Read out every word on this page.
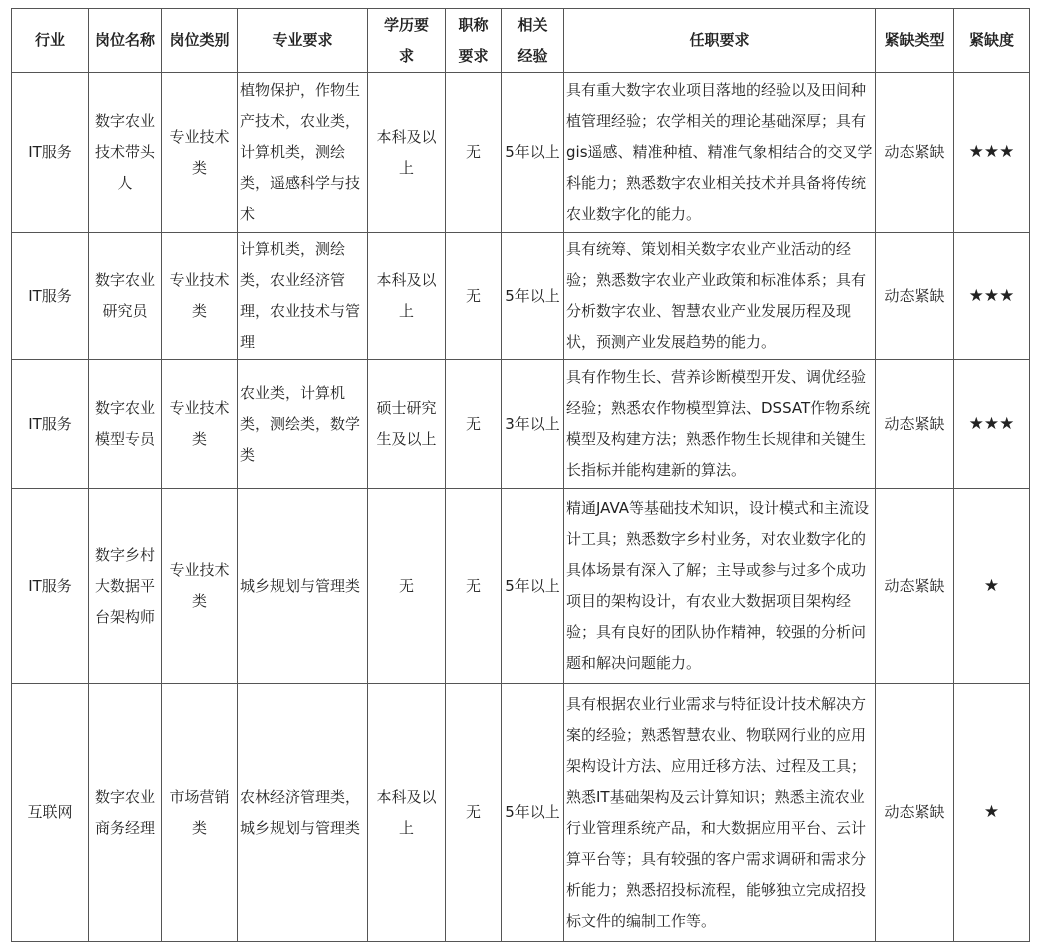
行业	岗位名称	岗位类别	专业要求	学历要求	职称要求	相关经验	任职要求	紧缺类型	紧缺度
IT服务	数字农业技术带头人	专业技术类	植物保护，作物生产技术，农业类，计算机类，测绘类，遥感科学与技术	本科及以上	无	5年以上	具有重大数字农业项目落地的经验以及田间种植管理经验；农学相关的理论基础深厚；具有gis遥感、精准种植、精准气象相结合的交叉学科能力；熟悉数字农业相关技术并具备将传统农业数字化的能力。	动态紧缺	★★★
IT服务	数字农业研究员	专业技术类	计算机类，测绘类，农业经济管理，农业技术与管理	本科及以上	无	5年以上	具有统筹、策划相关数字农业产业活动的经验；熟悉数字农业产业政策和标准体系；具有分析数字农业、智慧农业产业发展历程及现状，预测产业发展趋势的能力。	动态紧缺	★★★
IT服务	数字农业模型专员	专业技术类	农业类，计算机类，测绘类，数学类	硕士研究生及以上	无	3年以上	具有作物生长、营养诊断模型开发、调优经验经验；熟悉农作物模型算法、DSSAT作物系统模型及构建方法；熟悉作物生长规律和关键生长指标并能构建新的算法。	动态紧缺	★★★
IT服务	数字乡村大数据平台架构师	专业技术类	城乡规划与管理类	无	无	5年以上	精通JAVA等基础技术知识，设计模式和主流设计工具；熟悉数字乡村业务，对农业数字化的具体场景有深入了解；主导或参与过多个成功项目的架构设计，有农业大数据项目架构经验；具有良好的团队协作精神，较强的分析问题和解决问题能力。	动态紧缺	★
互联网	数字农业商务经理	市场营销类	农林经济管理类，城乡规划与管理类	本科及以上	无	5年以上	具有根据农业行业需求与特征设计技术解决方案的经验；熟悉智慧农业、物联网行业的应用架构设计方法、应用迁移方法、过程及工具；熟悉IT基础架构及云计算知识；熟悉主流农业行业管理系统产品，和大数据应用平台、云计算平台等；具有较强的客户需求调研和需求分析能力；熟悉招投标流程，能够独立完成招投标文件的编制工作等。	动态紧缺	★
